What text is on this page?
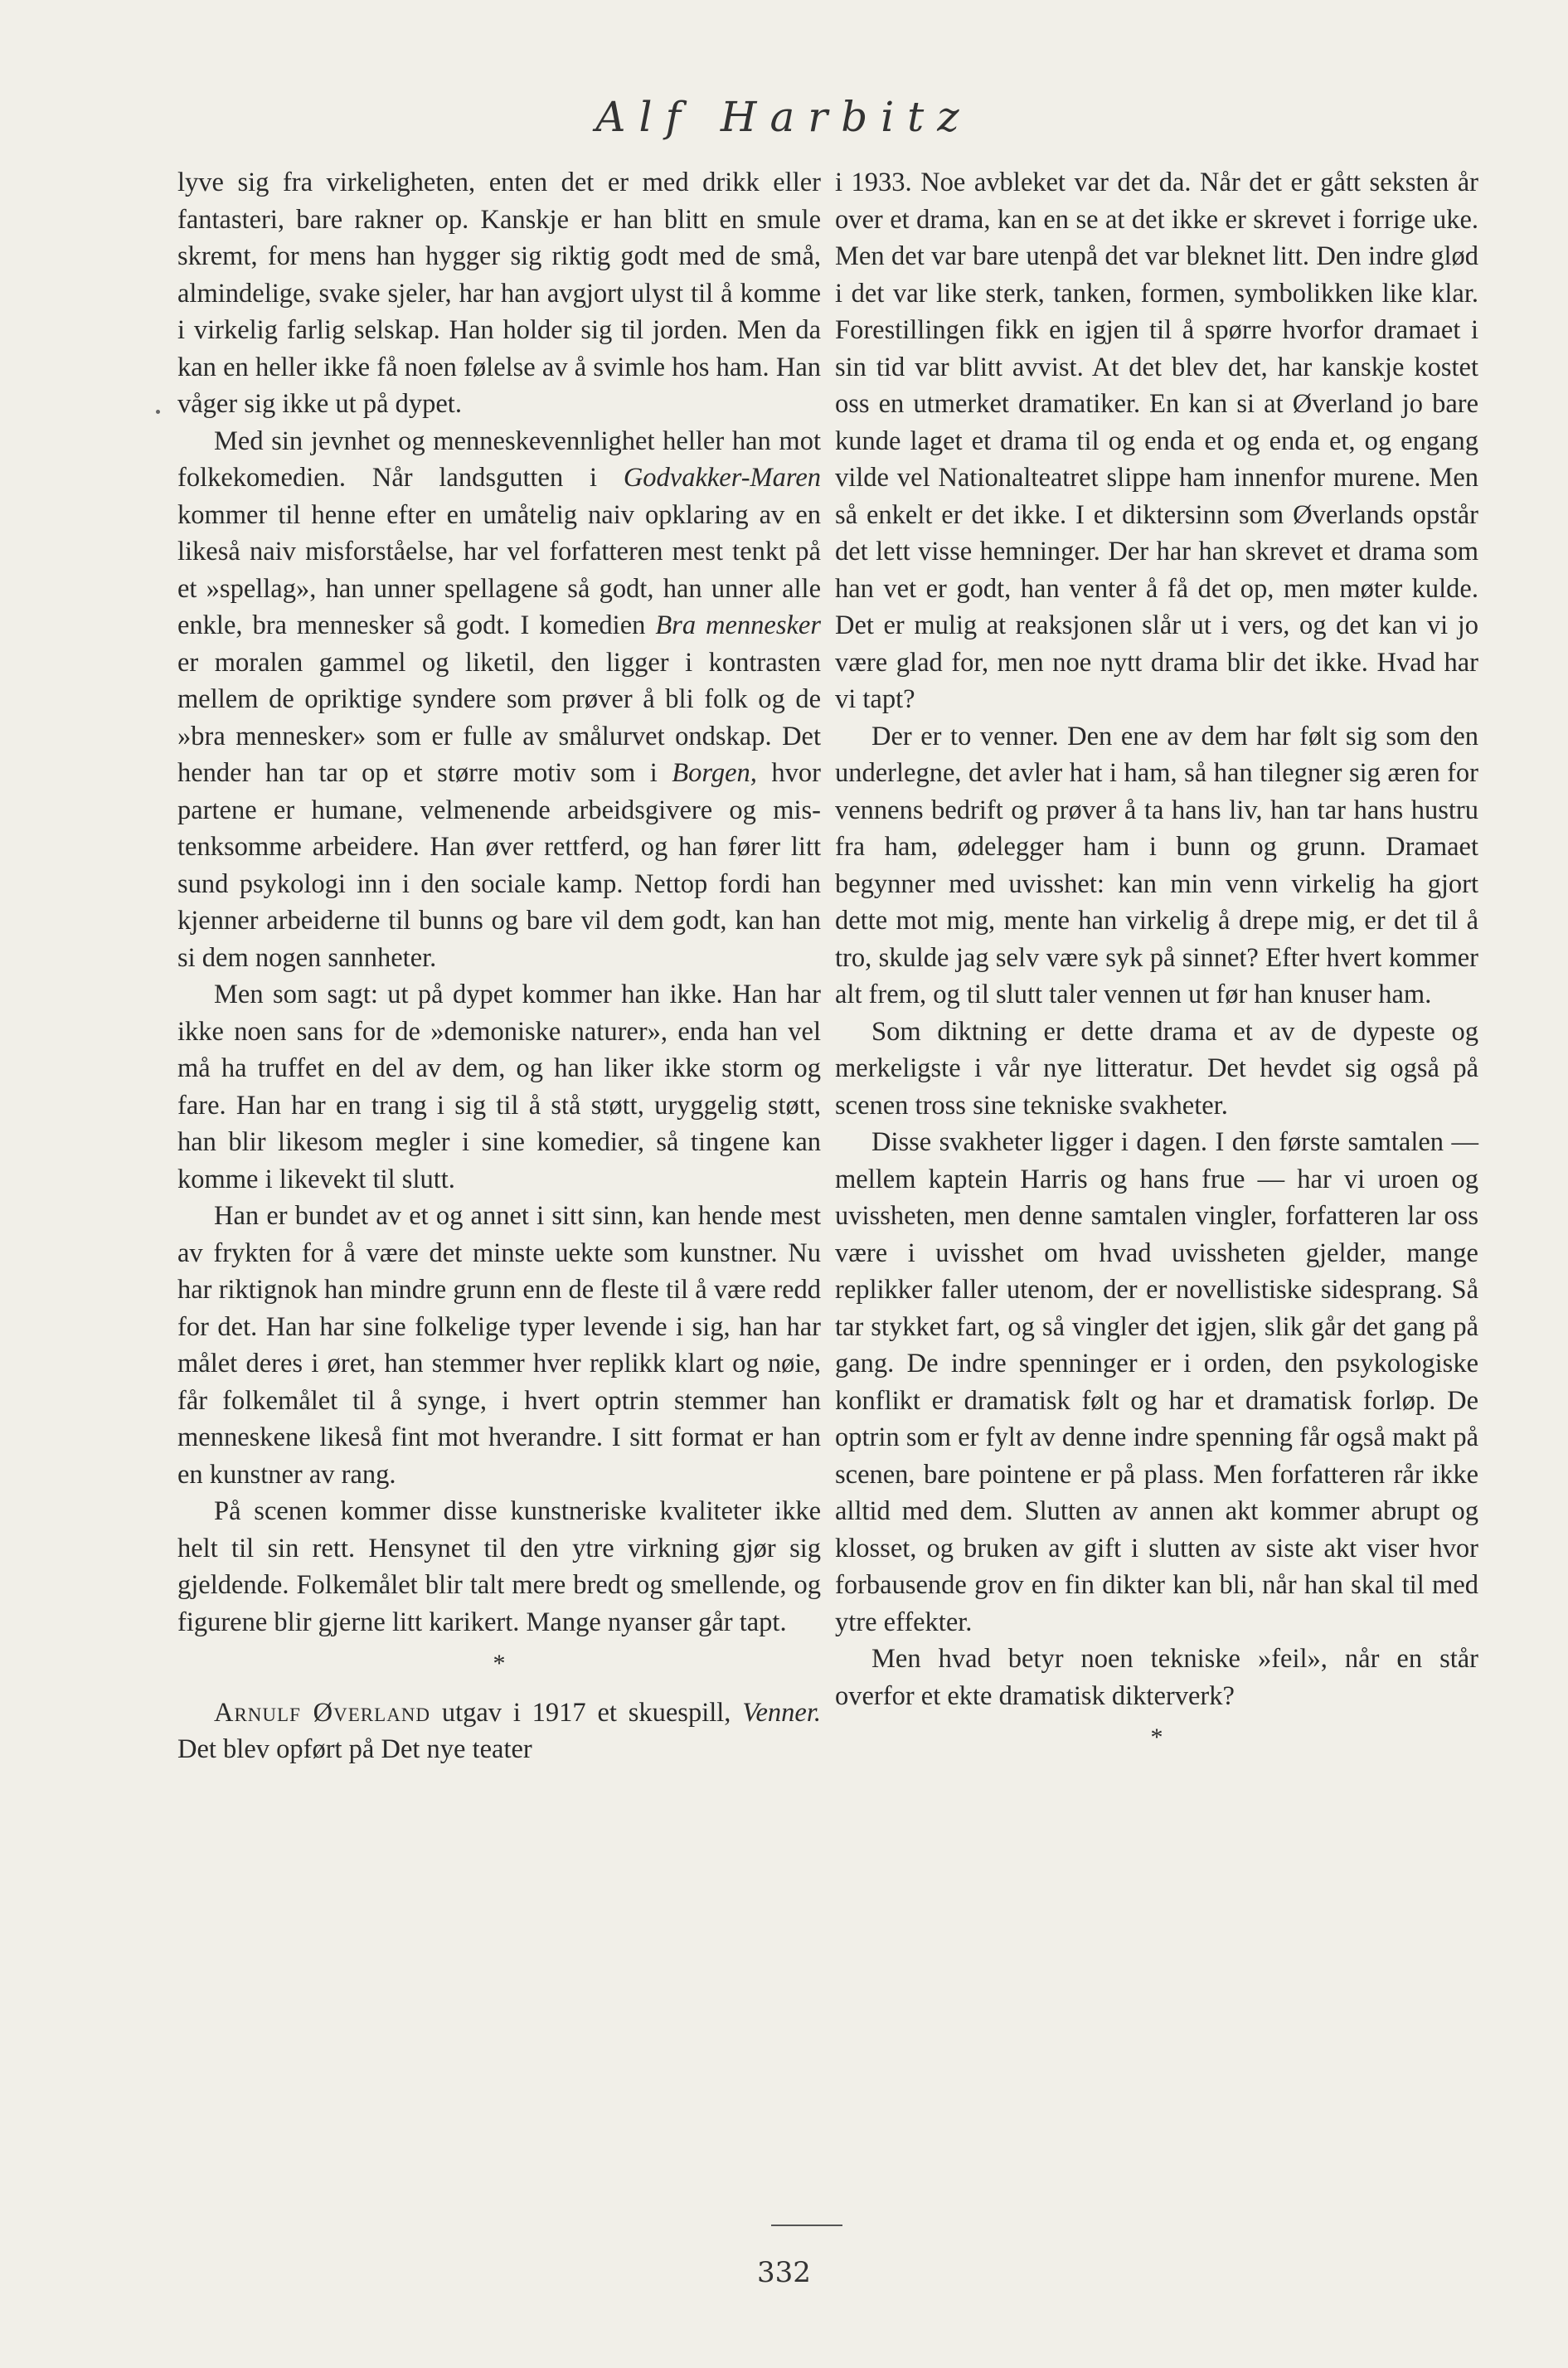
Alf Harbitz

lyve sig fra virkeligheten, enten det er med drikk eller fantasteri, bare rakner op. Kanskje er han blitt en smule skremt, for mens han hygger sig riktig godt med de små, almindelige, svake sjeler, har han avgjort ulyst til å komme i virkelig farlig selskap. Han holder sig til jorden. Men da kan en heller ikke få noen følelse av å svimle hos ham. Han våger sig ikke ut på dypet.

Med sin jevnhet og menneskevennlighet heller han mot folkekomedien. Når landsgutten i Godvakker-Maren kommer til henne efter en umåtelig naiv opklaring av en likeså naiv misforståelse, har vel forfatteren mest tenkt på et »spellag», han unner spellagene så godt, han unner alle enkle, bra mennesker så godt. I komedien Bra mennesker er moralen gammel og liketil, den ligger i kontrasten mellem de opriktige syndere som prøver å bli folk og de »bra mennesker» som er fulle av smålurvet ondskap. Det hender han tar op et større motiv som i Borgen, hvor partene er humane, velmenende arbeidsgivere og mistenksomme arbeidere. Han øver rettferd, og han fører litt sund psykologi inn i den sociale kamp. Nettop fordi han kjenner arbeiderne til bunns og bare vil dem godt, kan han si dem nogen sannheter.

Men som sagt: ut på dypet kommer han ikke. Han har ikke noen sans for de »demoniske naturer», enda han vel må ha truffet en del av dem, og han liker ikke storm og fare. Han har en trang i sig til å stå støtt, uryggelig støtt, han blir likesom megler i sine komedier, så tingene kan komme i likevekt til slutt.

Han er bundet av et og annet i sitt sinn, kan hende mest av frykten for å være det minste uekte som kunstner. Nu har riktignok han mindre grunn enn de fleste til å være redd for det. Han har sine folkelige typer levende i sig, han har målet deres i øret, han stemmer hver replikk klart og nøie, får folkemålet til å synge, i hvert optrin stemmer han menneskene likeså fint mot hverandre. I sitt format er han en kunstner av rang.

På scenen kommer disse kunstneriske kvaliteter ikke helt til sin rett. Hensynet til den ytre virkning gjør sig gjeldende. Folkemålet blir talt mere bredt og smellende, og figurene blir gjerne litt karikert. Mange nyanser går tapt.

*

Arnulf Øverland utgav i 1917 et skuespill, Venner. Det blev opført på Det nye teater

i 1933. Noe avbleket var det da. Når det er gått seksten år over et drama, kan en se at det ikke er skrevet i forrige uke. Men det var bare utenpå det var bleknet litt. Den indre glød i det var like sterk, tanken, formen, symbolikken like klar. Forestillingen fikk en igjen til å spørre hvorfor dramaet i sin tid var blitt avvist. At det blev det, har kanskje kostet oss en utmerket dramatiker. En kan si at Øverland jo bare kunde laget et drama til og enda et og enda et, og engang vilde vel Nationalteatret slippe ham innenfor murene. Men så enkelt er det ikke. I et diktersinn som Øverlands opstår det lett visse hemninger. Der har han skrevet et drama som han vet er godt, han venter å få det op, men møter kulde. Det er mulig at reaksjonen slår ut i vers, og det kan vi jo være glad for, men noe nytt drama blir det ikke. Hvad har vi tapt?

Der er to venner. Den ene av dem har følt sig som den underlegne, det avler hat i ham, så han tilegner sig æren for vennens bedrift og prøver å ta hans liv, han tar hans hustru fra ham, ødelegger ham i bunn og grunn. Dramaet begynner med uvisshet: kan min venn virkelig ha gjort dette mot mig, mente han virkelig å drepe mig, er det til å tro, skulde jag selv være syk på sinnet? Efter hvert kommer alt frem, og til slutt taler vennen ut før han knuser ham.

Som diktning er dette drama et av de dypeste og merkeligste i vår nye litteratur. Det hevdet sig også på scenen tross sine tekniske svakheter.

Disse svakheter ligger i dagen. I den første samtalen — mellem kaptein Harris og hans frue — har vi uroen og uvissheten, men denne samtalen vingler, forfatteren lar oss være i uvisshet om hvad uvissheten gjelder, mange replikker faller utenom, der er novellistiske sidesprang. Så tar stykket fart, og så vingler det igjen, slik går det gang på gang. De indre spenninger er i orden, den psykologiske konflikt er dramatisk følt og har et dramatisk forløp. De optrin som er fylt av denne indre spenning får også makt på scenen, bare pointene er på plass. Men forfatteren rår ikke alltid med dem. Slutten av annen akt kommer abrupt og klosset, og bruken av gift i slutten av siste akt viser hvor forbausende grov en fin dikter kan bli, når han skal til med ytre effekter.

Men hvad betyr noen tekniske »feil», når en står overfor et ekte dramatisk dikterverk?

*
332
